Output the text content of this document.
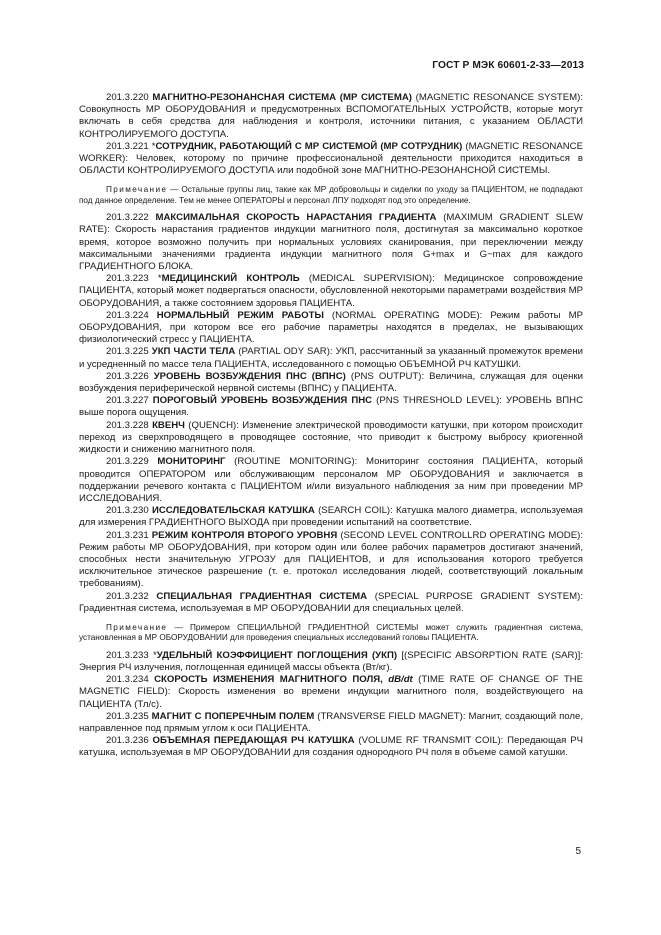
ГОСТ Р МЭК 60601-2-33—2013

201.3.220 МАГНИТНО-РЕЗОНАНСНАЯ СИСТЕМА (МР СИСТЕМА) (MAGNETIC RESONANCE SYSTEM): Совокупность МР ОБОРУДОВАНИЯ и предусмотренных ВСПОМОГАТЕЛЬНЫХ УСТРОЙСТВ, которые могут включать в себя средства для наблюдения и контроля, источники питания, с указанием ОБЛАСТИ КОНТРОЛИРУЕМОГО ДОСТУПА.

201.3.221 *СОТРУДНИК, РАБОТАЮЩИЙ С МР СИСТЕМОЙ (МР СОТРУДНИК) (MAGNETIC RESONANCE WORKER): Человек, которому по причине профессиональной деятельности приходится находиться в ОБЛАСТИ КОНТРОЛИРУЕМОГО ДОСТУПА или подобной зоне МАГНИТНО-РЕЗОНАНСНОЙ СИСТЕМЫ.

Примечание — Остальные группы лиц, такие как МР добровольцы и сиделки по уходу за ПАЦИЕНТОМ, не подпадают под данное определение. Тем не менее ОПЕРАТОРЫ и персонал ЛПУ подходят под это определение.

201.3.222 МАКСИМАЛЬНАЯ СКОРОСТЬ НАРАСТАНИЯ ГРАДИЕНТА (MAXIMUM GRADIENT SLEW RATE): Скорость нарастания градиентов индукции магнитного поля, достигнутая за максимально короткое время, которое возможно получить при нормальных условиях сканирования, при переключении между максимальными значениями градиента индукции магнитного поля G+max и G−max для каждого ГРАДИЕНТНОГО БЛОКА.

201.3.223 *МЕДИЦИНСКИЙ КОНТРОЛЬ (MEDICAL SUPERVISION): Медицинское сопровождение ПАЦИЕНТА, который может подвергаться опасности, обусловленной некоторыми параметрами воздействия МР ОБОРУДОВАНИЯ, а также состоянием здоровья ПАЦИЕНТА.

201.3.224 НОРМАЛЬНЫЙ РЕЖИМ РАБОТЫ (NORMAL OPERATING MODE): Режим работы МР ОБОРУДОВАНИЯ, при котором все его рабочие параметры находятся в пределах, не вызывающих физиологический стресс у ПАЦИЕНТА.

201.3.225 УКП ЧАСТИ ТЕЛА (PARTIAL ODY SAR): УКП, рассчитанный за указанный промежуток времени и усредненный по массе тела ПАЦИЕНТА, исследованного с помощью ОБЪЕМНОЙ РЧ КАТУШКИ.

201.3.226 УРОВЕНЬ ВОЗБУЖДЕНИЯ ПНС (ВПНС) (PNS OUTPUT): Величина, служащая для оценки возбуждения периферической нервной системы (ВПНС) у ПАЦИЕНТА.

201.3.227 ПОРОГОВЫЙ УРОВЕНЬ ВОЗБУЖДЕНИЯ ПНС (PNS THRESHOLD LEVEL): УРОВЕНЬ ВПНС выше порога ощущения.

201.3.228 КВЕНЧ (QUENCH): Изменение электрической проводимости катушки, при котором происходит переход из сверхпроводящего в проводящее состояние, что приводит к быстрому выбросу криогенной жидкости и снижению магнитного поля.

201.3.229 МОНИТОРИНГ (ROUTINE MONITORING): Мониторинг состояния ПАЦИЕНТА, который проводится ОПЕРАТОРОМ или обслуживающим персоналом МР ОБОРУДОВАНИЯ и заключается в поддержании речевого контакта с ПАЦИЕНТОМ и/или визуального наблюдения за ним при проведении МР ИССЛЕДОВАНИЯ.

201.3.230 ИССЛЕДОВАТЕЛЬСКАЯ КАТУШКА (SEARCH COIL): Катушка малого диаметра, используемая для измерения ГРАДИЕНТНОГО ВЫХОДА при проведении испытаний на соответствие.

201.3.231 РЕЖИМ КОНТРОЛЯ ВТОРОГО УРОВНЯ (SECOND LEVEL CONTROLLRD OPERATING MODE): Режим работы МР ОБОРУДОВАНИЯ, при котором один или более рабочих параметров достигают значений, способных нести значительную УГРОЗУ для ПАЦИЕНТОВ, и для использования которого требуется исключительное этическое разрешение (т. е. протокол исследования людей, соответствующий локальным требованиям).

201.3.232 СПЕЦИАЛЬНАЯ ГРАДИЕНТНАЯ СИСТЕМА (SPECIAL PURPOSE GRADIENT SYSTEM): Градиентная система, используемая в МР ОБОРУДОВАНИИ для специальных целей.

Примечание — Примером СПЕЦИАЛЬНОЙ ГРАДИЕНТНОЙ СИСТЕМЫ может служить градиентная система, установленная в МР ОБОРУДОВАНИИ для проведения специальных исследований головы ПАЦИЕНТА.

201.3.233 *УДЕЛЬНЫЙ КОЭФФИЦИЕНТ ПОГЛОЩЕНИЯ (УКП) [(SPECIFIC ABSORPTION RATE (SAR)]: Энергия РЧ излучения, поглощенная единицей массы объекта (Вт/кг).

201.3.234 СКОРОСТЬ ИЗМЕНЕНИЯ МАГНИТНОГО ПОЛЯ, dB/dt (TIME RATE OF CHANGE OF THE MAGNETIC FIELD): Скорость изменения во времени индукции магнитного поля, воздействующего на ПАЦИЕНТА (Тл/с).

201.3.235 МАГНИТ С ПОПЕРЕЧНЫМ ПОЛЕМ (TRANSVERSE FIELD MAGNET): Магнит, создающий поле, направленное под прямым углом к оси ПАЦИЕНТА.

201.3.236 ОБЪЕМНАЯ ПЕРЕДАЮЩАЯ РЧ КАТУШКА (VOLUME RF TRANSMIT COIL): Передающая РЧ катушка, используемая в МР ОБОРУДОВАНИИ для создания однородного РЧ поля в объеме самой катушки.

5
